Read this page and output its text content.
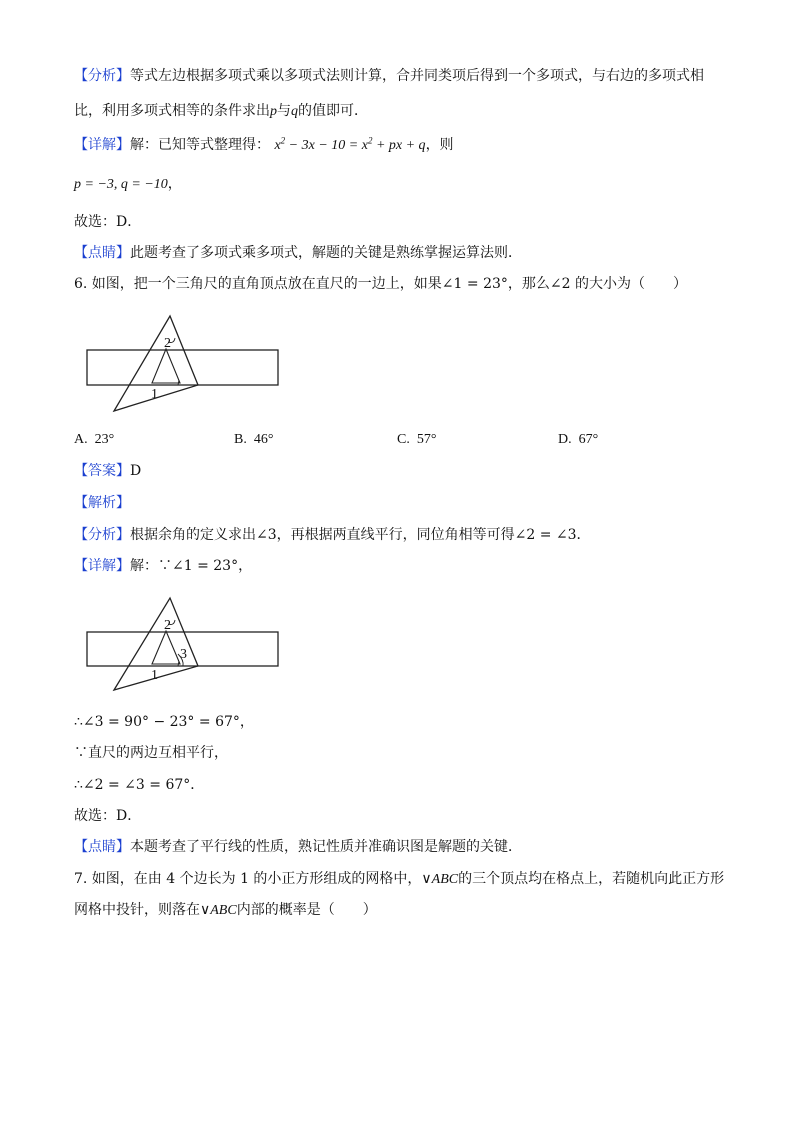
【分析】等式左边根据多项式乘以多项式法则计算，合并同类项后得到一个多项式，与右边的多项式相
比，利用多项式相等的条件求出p与q的值即可．
【详解】解：已知等式整理得： $x^2 - 3x - 10 = x^2$ + px + q，则
p = −3, q = −10，
故选：D．
【点睛】此题考查了多项式乘多项式，解题的关键是熟练掌握运算法则．
6. 如图，把一个三角尺的直角顶点放在直尺的一边上，如果∠1 = 23°，那么∠2 的大小为（　　）
2
1
A. 23°	B. 46°	C. 57°	D. 67°
【答案】D
【解析】
【分析】根据余角的定义求出∠3，再根据两直线平行，同位角相等可得∠2 = ∠3．
【详解】解：∵∠1 = 23°，
2
3
1
∴∠3 = 90° − 23° = 67°，
∵直尺的两边互相平行，
∴∠2 = ∠3 = 67°．
故选：D．
【点睛】本题考查了平行线的性质，熟记性质并准确识图是解题的关键．
7. 如图，在由 4 个边长为 1 的小正方形组成的网格中，∨ABC的三个顶点均在格点上，若随机向此正方形
网格中投针，则落在∨ABC内部的概率是（　　）
